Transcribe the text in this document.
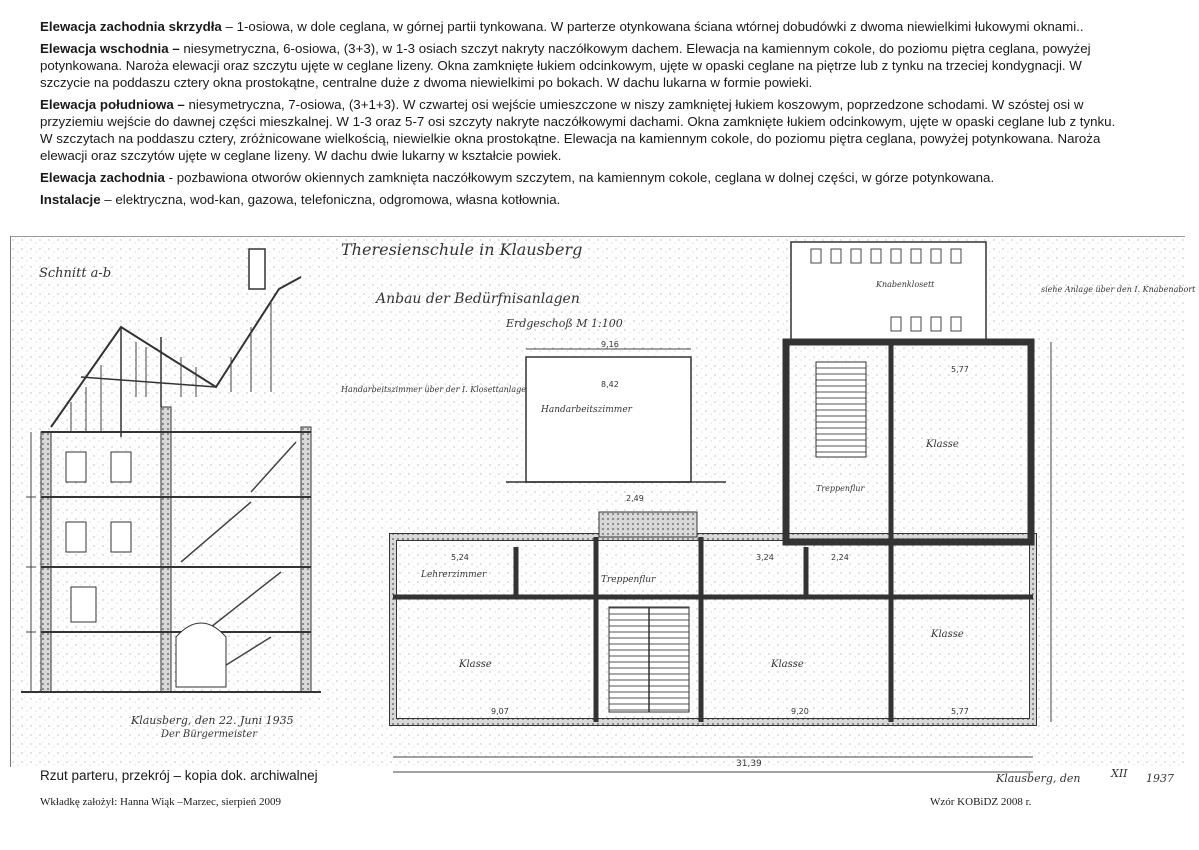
Elewacja zachodnia skrzydła – 1-osiowa, w dole ceglana, w górnej partii tynkowana. W parterze otynkowana ściana wtórnej dobudówki z dwoma niewielkimi łukowymi oknami..

Elewacja wschodnia – niesymetryczna, 6-osiowa, (3+3), w 1-3 osiach szczyt nakryty naczółkowym dachem. Elewacja na kamiennym cokole, do poziomu piętra ceglana, powyżej potynkowana. Naroża elewacji oraz szczytu ujęte w ceglane lizeny. Okna zamknięte łukiem odcinkowym, ujęte w opaski ceglane na piętrze lub z tynku na trzeciej kondygnacji. W szczycie na poddaszu cztery okna prostokątne, centralne duże z dwoma niewielkimi po bokach. W dachu lukarna w formie powieki.

Elewacja południowa – niesymetryczna, 7-osiowa, (3+1+3). W czwartej osi wejście umieszczone w niszy zamkniętej łukiem koszowym, poprzedzone schodami. W szóstej osi w przyziemiu wejście do dawnej części mieszkalnej. W 1-3 oraz 5-7 osi szczyty nakryte naczółkowymi dachami. Okna zamknięte łukiem odcinkowym, ujęte w opaski ceglane lub z tynku. W szczytach na poddaszu cztery, zróżnicowane wielkością, niewielkie okna prostokątne. Elewacja na kamiennym cokole, do poziomu piętra ceglana, powyżej potynkowana. Naroża elewacji oraz szczytów ujęte w ceglane lizeny. W dachu dwie lukarny w kształcie powiek.

Elewacja zachodnia - pozbawiona otworów okiennych zamknięta naczółkowym szczytem, na kamiennym cokole, ceglana w dolnej części, w górze potynkowana.

Instalacje – elektryczna, wod-kan, gazowa, telefoniczna, odgromowa, własna kotłownia.

Schnitt a-b
Klausberg, den 22. Juni 1935
Der Bürgermeister
Theresienschule in Klausberg
Anbau der Bedürfnisanlagen
Erdgeschoß M 1:100
Handarbeitszimmer
Handarbeitszimmer über der I. Klosettanlage
Knabenklosett
siehe Anlage über den I. Knabenabort
Klasse	Klasse
Klasse
Klasse
Treppenflur
Treppenflur
Lehrerzimmer
9,16
8,42
2,49
9,07	9,20	5,77
5,77
31,39
5,24	3,24	2,24
Klausberg, den	XII 1937
Rzut parteru, przekrój – kopia dok. archiwalnej
Wkładkę założył: Hanna Wiąk –Marzec, sierpień 2009	Wzór KOBiDZ 2008 r.
